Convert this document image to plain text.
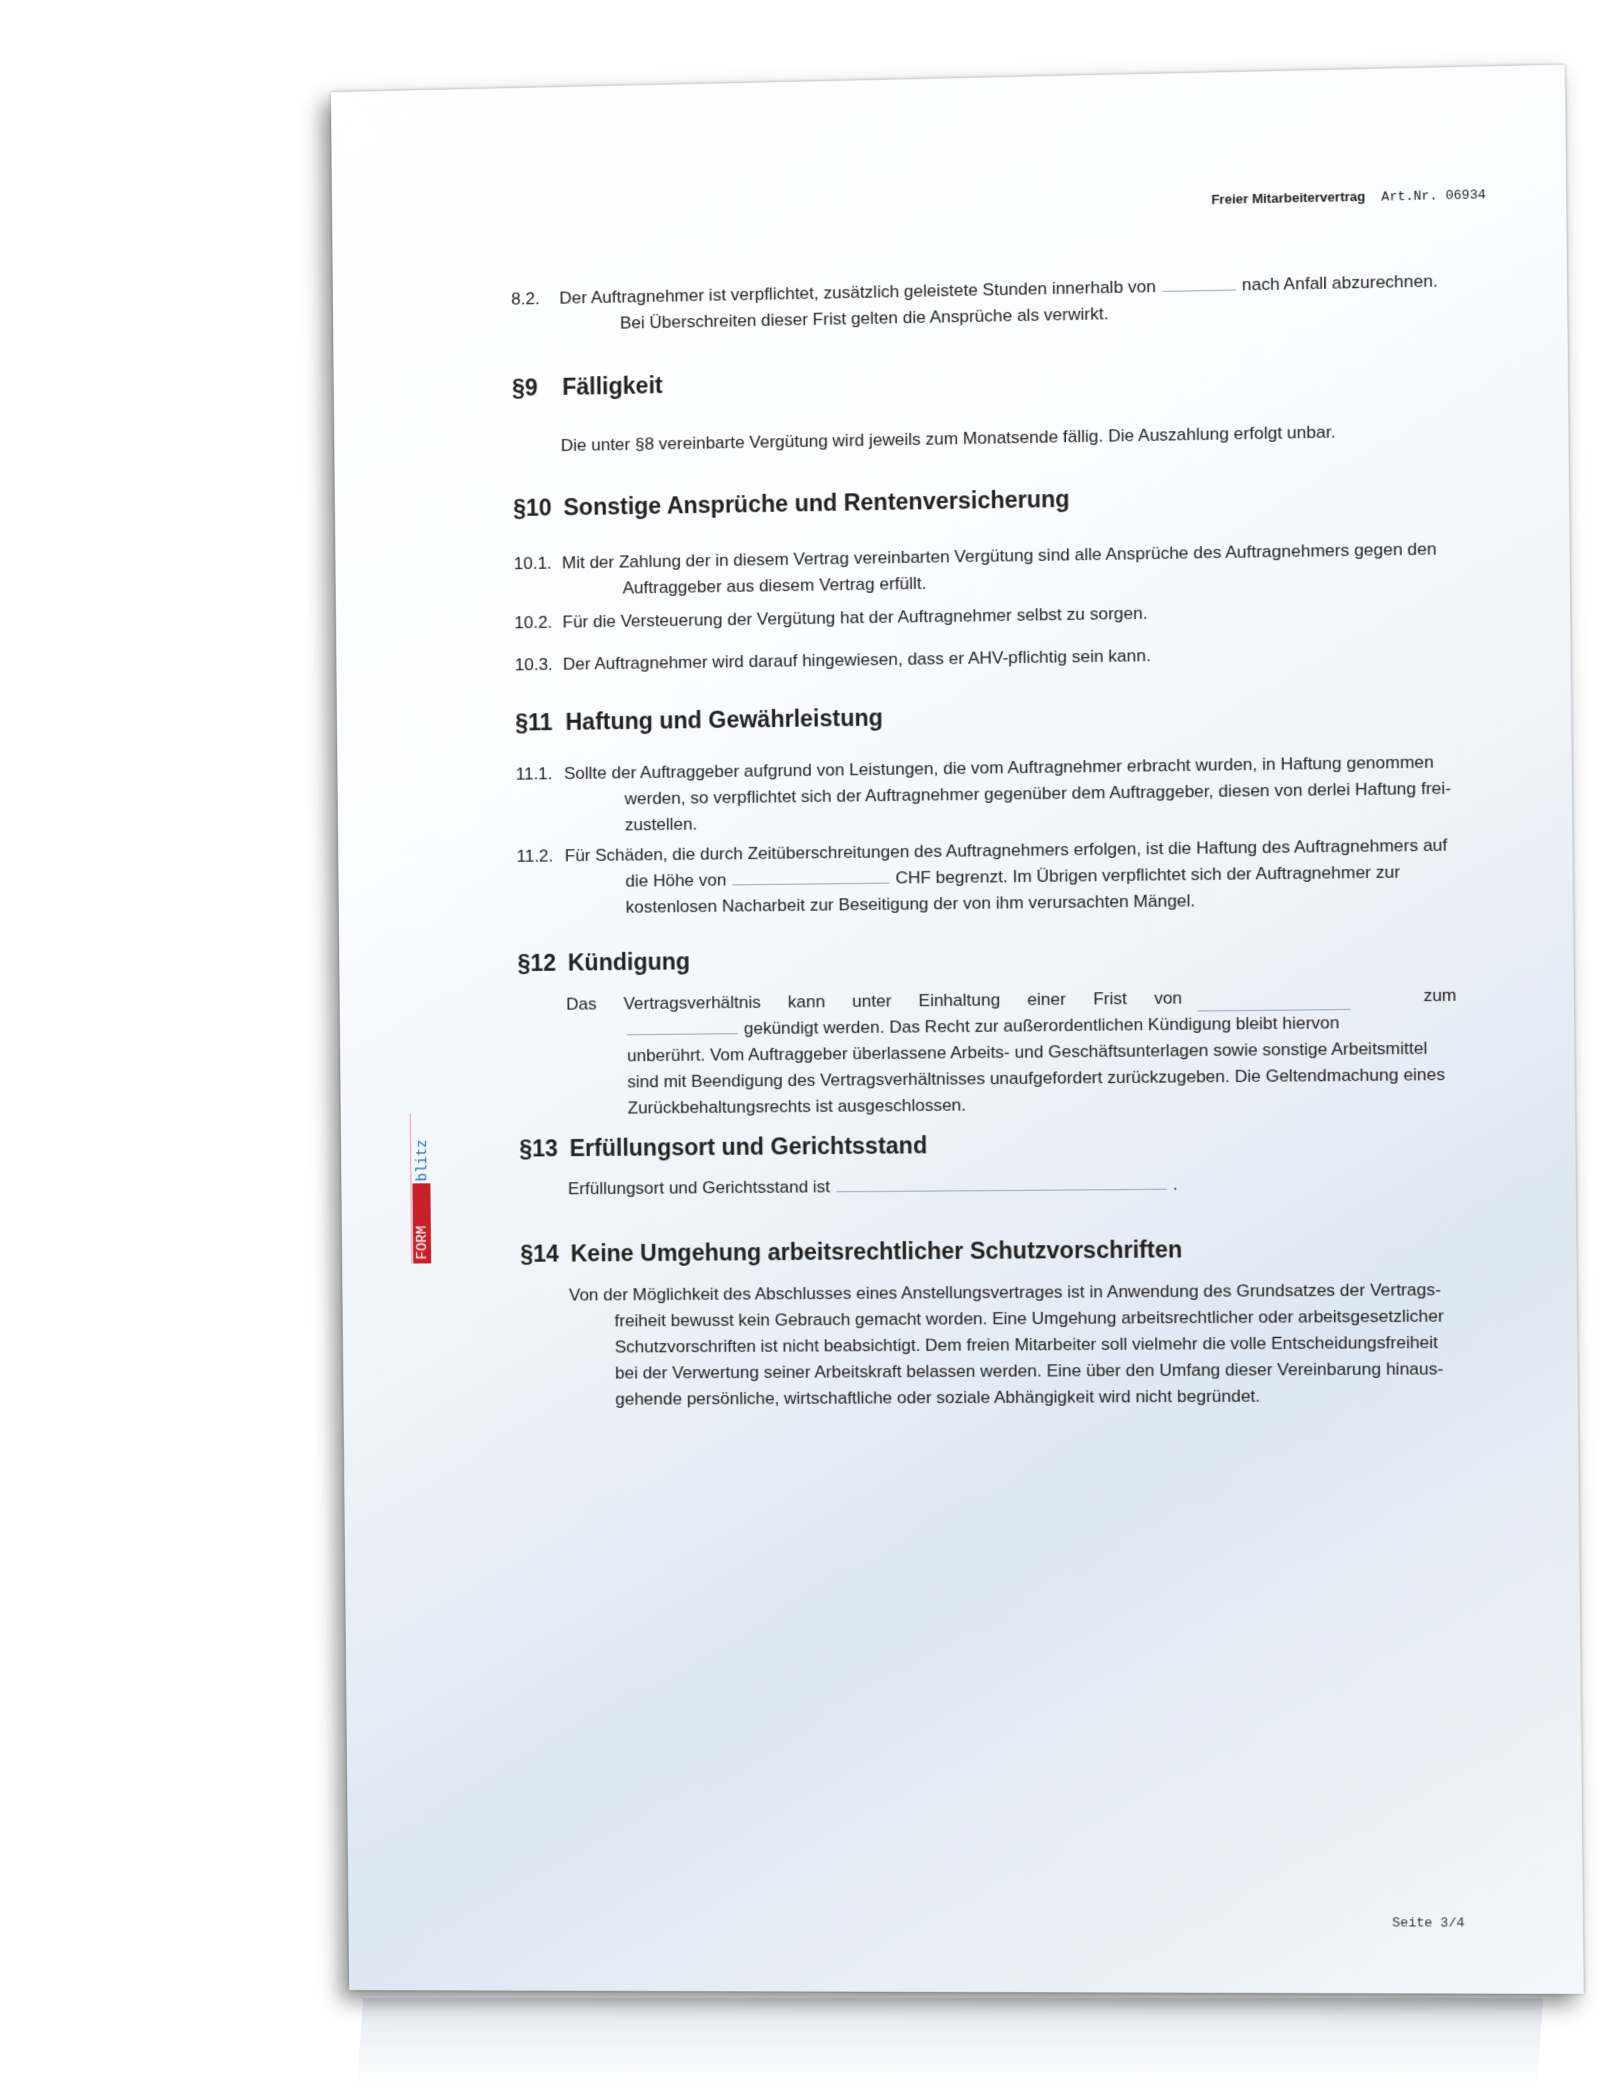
Freier Mitarbeitervertrag Art.Nr. 06934
8.2. Der Auftragnehmer ist verpflichtet, zusätzlich geleistete Stunden innerhalb von	nach Anfall abzurechnen.
Bei Überschreiten dieser Frist gelten die Ansprüche als verwirkt.
§9 Fälligkeit
Die unter §8 vereinbarte Vergütung wird jeweils zum Monatsende fällig. Die Auszahlung erfolgt unbar.
§10 Sonstige Ansprüche und Rentenversicherung
10.1. Mit der Zahlung der in diesem Vertrag vereinbarten Vergütung sind alle Ansprüche des Auftragnehmers gegen den
Auftraggeber aus diesem Vertrag erfüllt.
10.2. Für die Versteuerung der Vergütung hat der Auftragnehmer selbst zu sorgen.
10.3. Der Auftragnehmer wird darauf hingewiesen, dass er AHV-pflichtig sein kann.
§11 Haftung und Gewährleistung
11.1. Sollte der Auftraggeber aufgrund von Leistungen, die vom Auftragnehmer erbracht wurden, in Haftung genommen
werden, so verpflichtet sich der Auftragnehmer gegenüber dem Auftraggeber, diesen von derlei Haftung frei-
zustellen.
11.2. Für Schäden, die durch Zeitüberschreitungen des Auftragnehmers erfolgen, ist die Haftung des Auftragnehmers auf
die Höhe von	CHF begrenzt. Im Übrigen verpflichtet sich der Auftragnehmer zur
kostenlosen Nacharbeit zur Beseitigung der von ihm verursachten Mängel.
§12 Kündigung
Das Vertragsverhältnis kann unter Einhaltung einer Frist von	zum
gekündigt werden. Das Recht zur außerordentlichen Kündigung bleibt hiervon
unberührt. Vom Auftraggeber überlassene Arbeits- und Geschäftsunterlagen sowie sonstige Arbeitsmittel
sind mit Beendigung des Vertragsverhältnisses unaufgefordert zurückzugeben. Die Geltendmachung eines
Zurückbehaltungsrechts ist ausgeschlossen.
§13 Erfüllungsort und Gerichtsstand
Erfüllungsort und Gerichtsstand ist	.
§14 Keine Umgehung arbeitsrechtlicher Schutzvorschriften
Von der Möglichkeit des Abschlusses eines Anstellungsvertrages ist in Anwendung des Grundsatzes der Vertrags-
freiheit bewusst kein Gebrauch gemacht worden. Eine Umgehung arbeitsrechtlicher oder arbeitsgesetzlicher
Schutzvorschriften ist nicht beabsichtigt. Dem freien Mitarbeiter soll vielmehr die volle Entscheidungsfreiheit
bei der Verwertung seiner Arbeitskraft belassen werden. Eine über den Umfang dieser Vereinbarung hinaus-
gehende persönliche, wirtschaftliche oder soziale Abhängigkeit wird nicht begründet.
FORM
blitz
Seite 3/4
